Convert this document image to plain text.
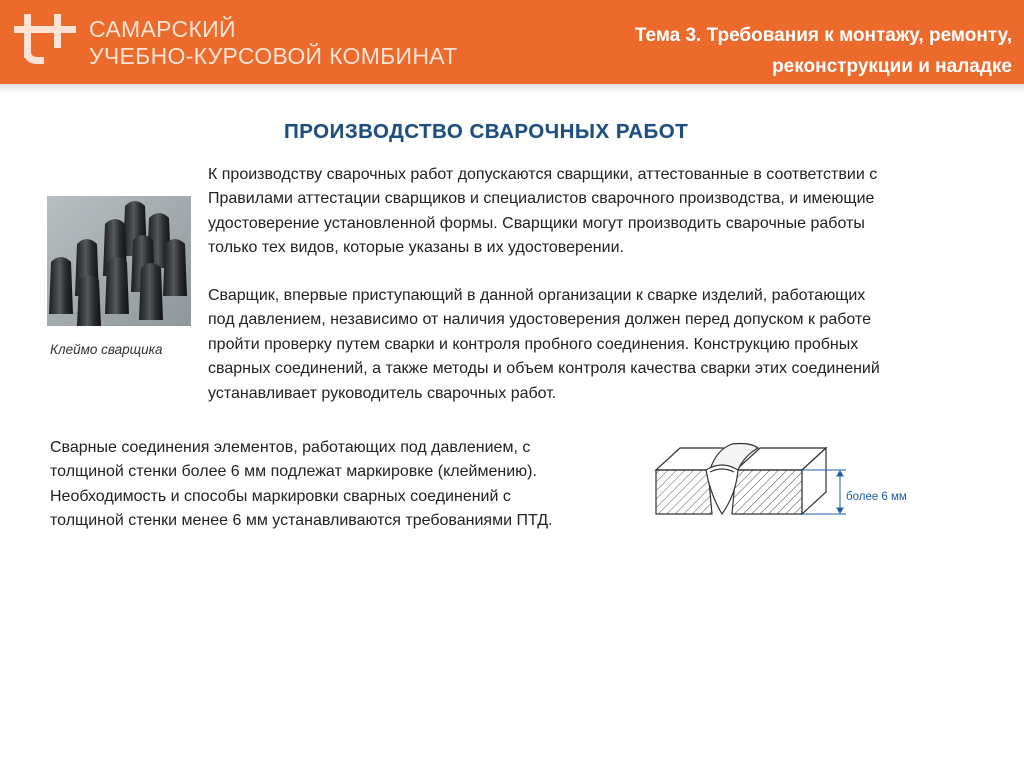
САМАРСКИЙ
УЧЕБНО-КУРСОВОЙ КОМБИНАТ
Тема 3. Требования к монтажу, ремонту,
реконструкции и наладке
ПРОИЗВОДСТВО СВАРОЧНЫХ РАБОТ
Клеймо сварщика
К производству сварочных работ допускаются сварщики, аттестованные в соответствии с
Правилами аттестации сварщиков и специалистов сварочного производства, и имеющие
удостоверение установленной формы. Сварщики могут производить сварочные работы
только тех видов, которые указаны в их удостоверении.
Сварщик, впервые приступающий в данной организации к сварке изделий, работающих
под давлением, независимо от наличия удостоверения должен перед допуском к работе
пройти проверку путем сварки и контроля пробного соединения. Конструкцию пробных
сварных соединений, а также методы и объем контроля качества сварки этих соединений
устанавливает руководитель сварочных работ.
Сварные соединения элементов, работающих под давлением, с
толщиной стенки более 6 мм подлежат маркировке (клеймению).
Необходимость и способы маркировки сварных соединений с
толщиной стенки менее 6 мм устанавливаются требованиями ПТД.
более 6 мм
